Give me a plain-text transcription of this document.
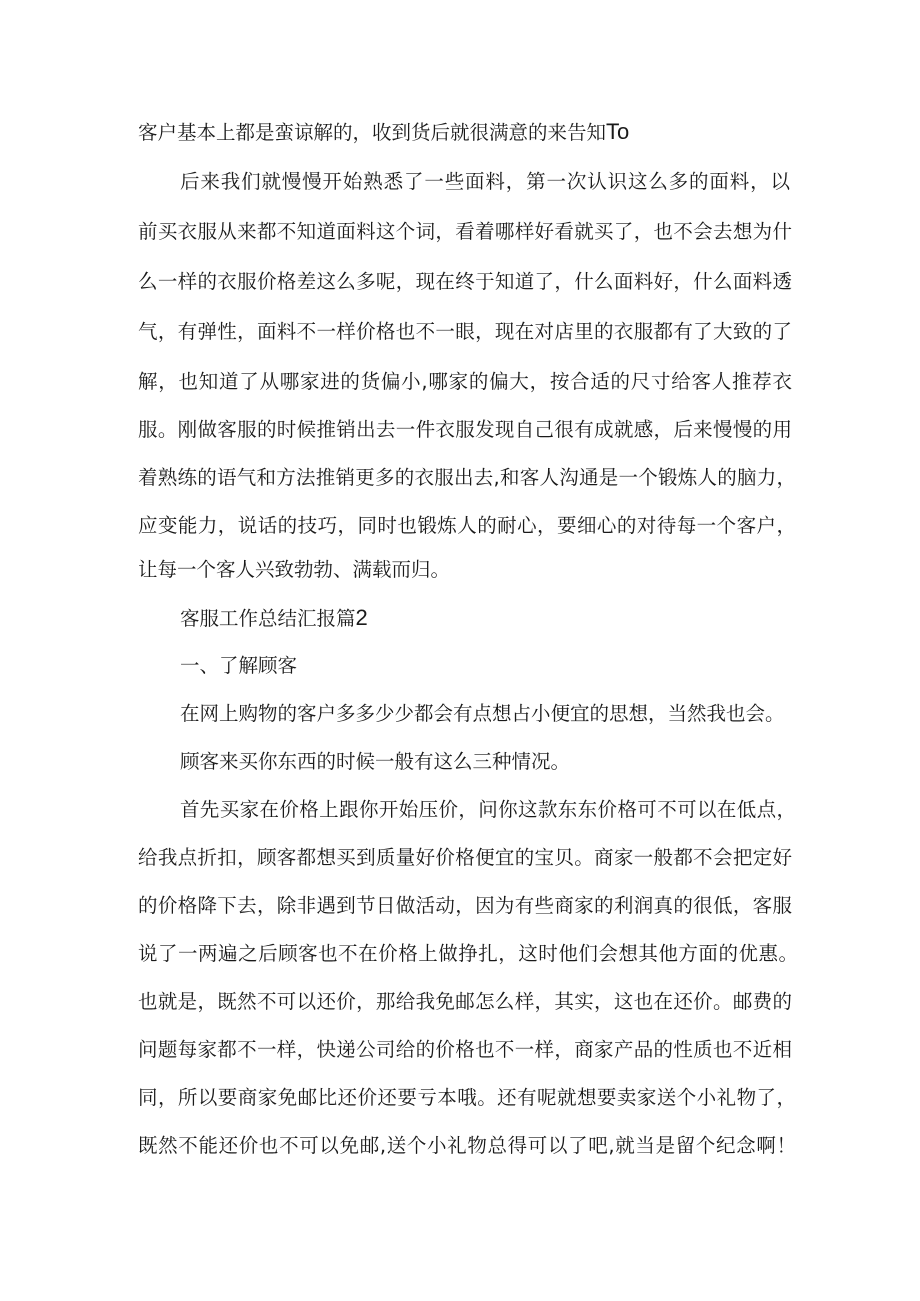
客户基本上都是蛮谅解的，收到货后就很满意的来告知To
后来我们就慢慢开始熟悉了一些面料，第一次认识这么多的面料，以
前买衣服从来都不知道面料这个词，看着哪样好看就买了，也不会去想为什
么一样的衣服价格差这么多呢，现在终于知道了，什么面料好，什么面料透
气，有弹性，面料不一样价格也不一眼，现在对店里的衣服都有了大致的了
解，也知道了从哪家进的货偏小,哪家的偏大，按合适的尺寸给客人推荐衣
服。刚做客服的时候推销出去一件衣服发现自己很有成就感，后来慢慢的用
着熟练的语气和方法推销更多的衣服出去,和客人沟通是一个锻炼人的脑力，
应变能力，说话的技巧，同时也锻炼人的耐心，要细心的对待每一个客户，
让每一个客人兴致勃勃、满载而归。
客服工作总结汇报篇2
一、了解顾客
在网上购物的客户多多少少都会有点想占小便宜的思想，当然我也会。
顾客来买你东西的时候一般有这么三种情况。
首先买家在价格上跟你开始压价，问你这款东东价格可不可以在低点，
给我点折扣，顾客都想买到质量好价格便宜的宝贝。商家一般都不会把定好
的价格降下去，除非遇到节日做活动，因为有些商家的利润真的很低，客服
说了一两遍之后顾客也不在价格上做挣扎，这时他们会想其他方面的优惠。
也就是，既然不可以还价，那给我免邮怎么样，其实，这也在还价。邮费的
问题每家都不一样，快递公司给的价格也不一样，商家产品的性质也不近相
同，所以要商家免邮比还价还要亏本哦。还有呢就想要卖家送个小礼物了，
既然不能还价也不可以免邮,送个小礼物总得可以了吧,就当是留个纪念啊！
